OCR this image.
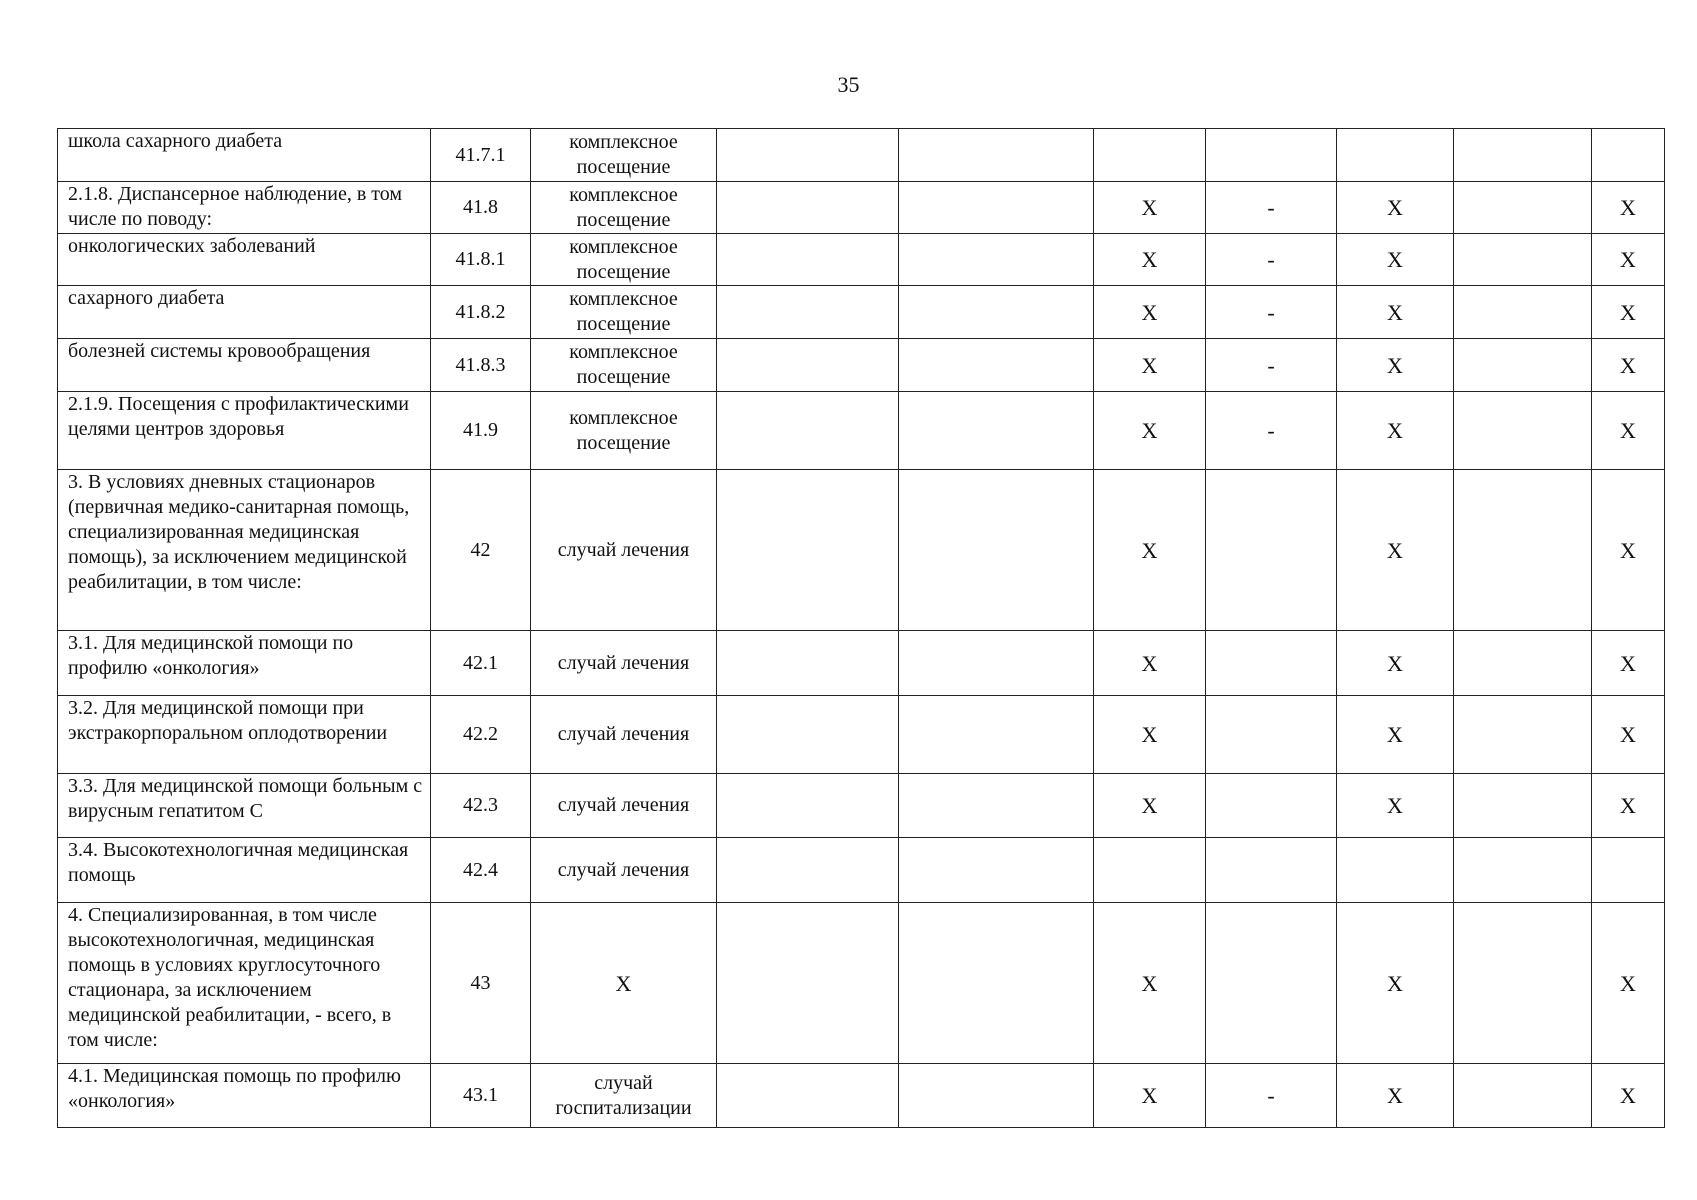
35
школа сахарного диабета	41.7.1	комплексное посещение							
2.1.8. Диспансерное наблюдение, в том числе по поводу:	41.8	комплексное посещение			X	-	X		X
онкологических заболеваний	41.8.1	комплексное посещение			X	-	X		X
сахарного диабета	41.8.2	комплексное посещение			X	-	X		X
болезней системы кровообращения	41.8.3	комплексное посещение			X	-	X		X
2.1.9. Посещения с профилактическими целями центров здоровья	41.9	комплексное посещение			X	-	X		X
3. В условиях дневных стационаров (первичная медико-санитарная помощь, специализированная медицинская помощь), за исключением медицинской реабилитации, в том числе:	42	случай лечения			X		X		X
3.1. Для медицинской помощи по профилю «онкология»	42.1	случай лечения			X		X		X
3.2. Для медицинской помощи при экстракорпоральном оплодотворении	42.2	случай лечения			X		X		X
3.3. Для медицинской помощи больным с вирусным гепатитом С	42.3	случай лечения			X		X		X
3.4. Высокотехнологичная медицинская помощь	42.4	случай лечения							
4. Специализированная, в том числе высокотехнологичная, медицинская помощь в условиях круглосуточного стационара, за исключением медицинской реабилитации, - всего, в том числе:	43	X			X		X		X
4.1. Медицинская помощь по профилю «онкология»	43.1	случай госпитализации			X	-	X		X
